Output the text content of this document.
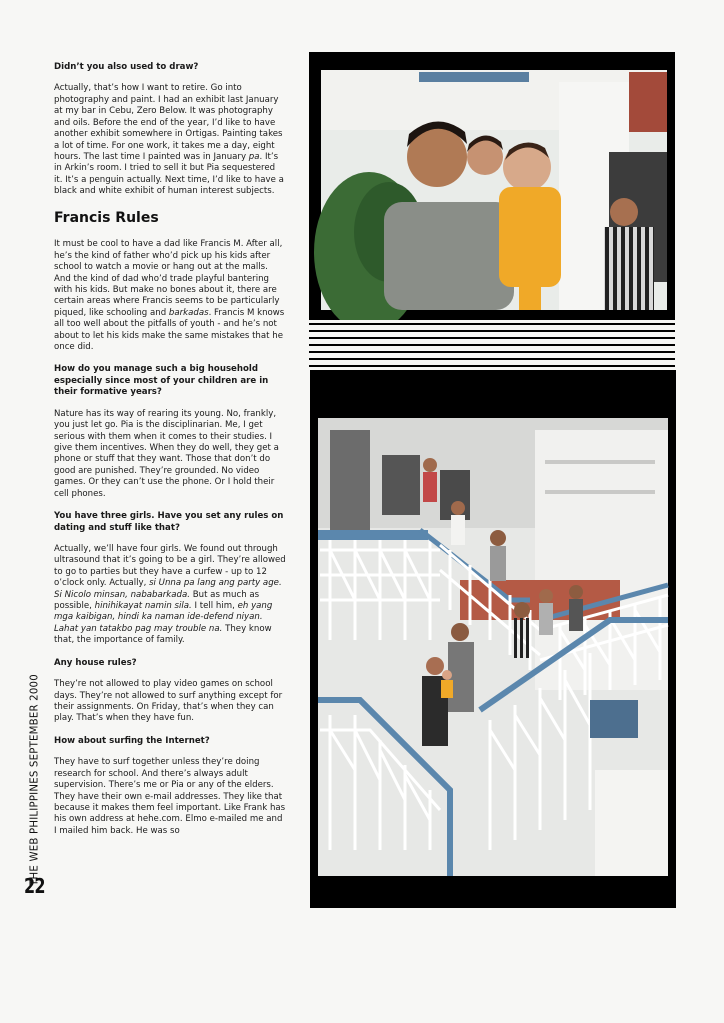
Didn’t you also used to draw?

Actually, that’s how I want to retire. Go into photography and paint. I had an exhibit last January at my bar in Cebu, Zero Below. It was photography and oils. Before the end of the year, I’d like to have another exhibit somewhere in Ortigas. Painting takes a lot of time. For one work, it takes me a day, eight hours. The last time I painted was in January pa. It’s in Arkin’s room. I tried to sell it but Pia sequestered it. It’s a penguin actually. Next time, I’d like to have a black and white exhibit of human interest subjects.

Francis Rules

It must be cool to have a dad like Francis M. After all, he’s the kind of father who’d pick up his kids after school to watch a movie or hang out at the malls. And the kind of dad who’d trade playful bantering with his kids. But make no bones about it, there are certain areas where Francis seems to be particularly piqued, like schooling and barkadas. Francis M knows all too well about the pitfalls of youth - and he’s not about to let his kids make the same mistakes that he once did.

How do you manage such a big household especially since most of your children are in their formative years?

Nature has its way of rearing its young. No, frankly, you just let go. Pia is the disciplinarian. Me, I get serious with them when it comes to their studies. I give them incentives. When they do well, they get a phone or stuff that they want. Those that don’t do good are punished. They’re grounded. No video games. Or they can’t use the phone. Or I hold their cell phones.

You have three girls. Have you set any rules on dating and stuff like that?

Actually, we’ll have four girls. We found out through ultrasound that it’s going to be a girl. They’re allowed to go to parties but they have a curfew - up to 12 o’clock only. Actually, si Unna pa lang ang party age. Si Nicolo minsan, nababarkada. But as much as possible, hinihikayat namin sila. I tell him, eh yang mga kaibigan, hindi ka naman ide-defend niyan. Lahat yan tatakbo pag may trouble na. They know that, the importance of family.

Any house rules?

They’re not allowed to play video games on school days. They’re not allowed to surf anything except for their assignments. On Friday, that’s when they can play. That’s when they have fun.

How about surfing the Internet?

They have to surf together unless they’re doing research for school. And there’s always adult supervision. There’s me or Pia or any of the elders. They have their own e-mail addresses. They like that because it makes them feel important. Like Frank has his own address at hehe.com. Elmo e-mailed me and I mailed him back. He was so

THE WEB PHILIPPINES SEPTEMBER 2000
22
